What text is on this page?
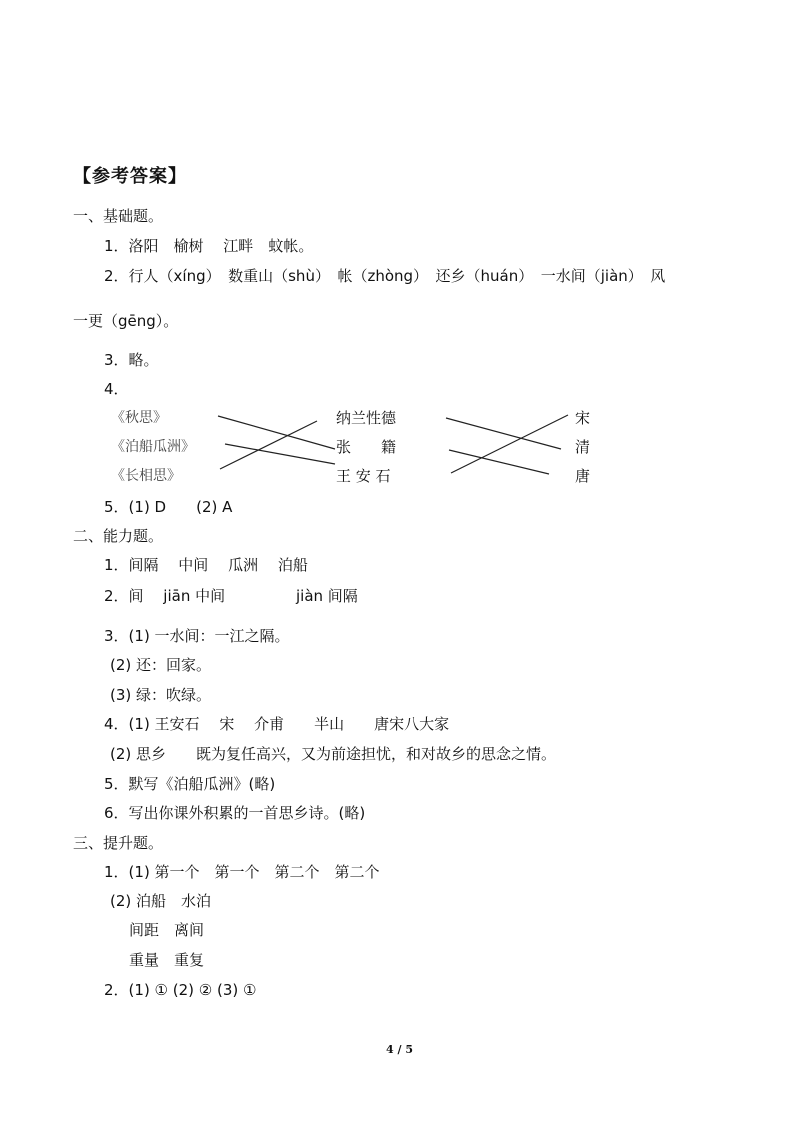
【参考答案】
一、基础题。
1．洛阳　榆树　 江畔　蚊帐。
2．行人（xíng）　数重山（shù）　帐（zhòng）　还乡（huán）　一水间（jiàn）　风
一更（gēng）。
3．略。
4．
《秋思》
《泊船瓜洲》
《长相思》
纳兰性德
张　　籍
王 安 石
宋
清
唐
5．(1) D　　(2) A
二、能力题。
1．间隔　 中间　 瓜洲　 泊船
2．间　 jiān 中间	jiàn 间隔
3．(1) 一水间：一江之隔。
(2) 还：回家。
(3) 绿：吹绿。
4．(1) 王安石　 宋　 介甫　　半山　　唐宋八大家
(2) 思乡　　既为复任高兴，又为前途担忧，和对故乡的思念之情。
5．默写《泊船瓜洲》(略)
6．写出你课外积累的一首思乡诗。(略)
三、提升题。
1．(1) 第一个　第一个　第二个　第二个
(2) 泊船　水泊
间距　离间
重量　重复
2．(1) ① (2) ② (3) ①
4 / 5
